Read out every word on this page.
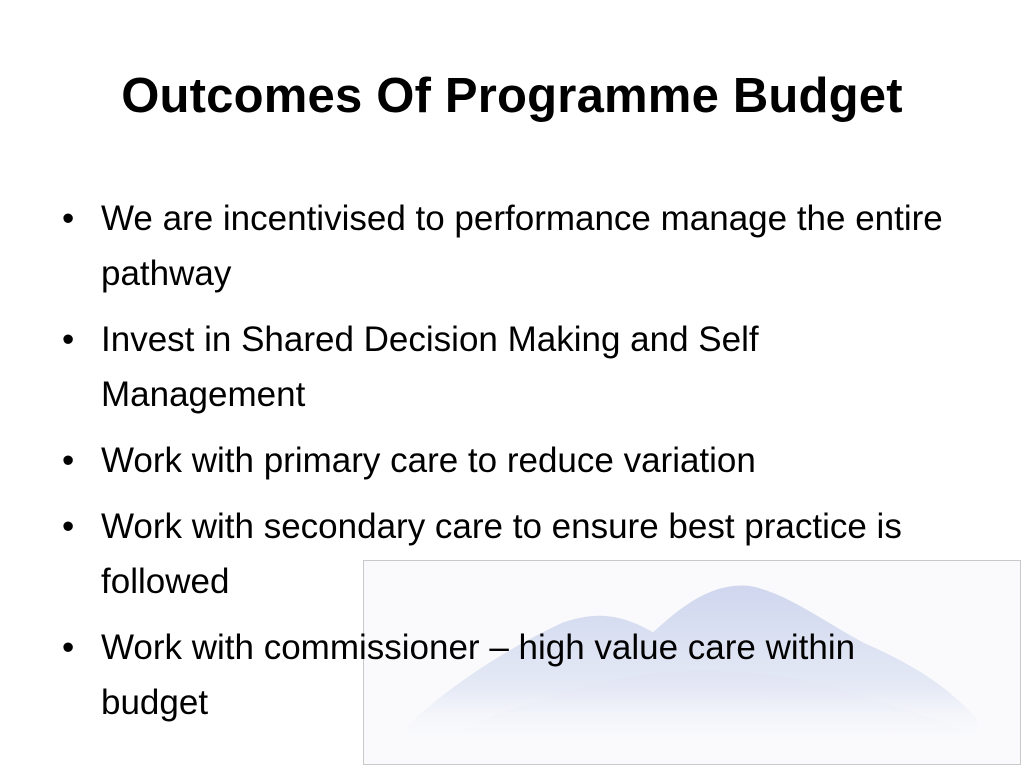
Outcomes Of Programme Budget
• We are incentivised to performance manage the entire pathway
• Invest in Shared Decision Making and Self Management
• Work with primary care to reduce variation
• Work with secondary care to ensure best practice is followed
• Work with commissioner – high value care within budget
